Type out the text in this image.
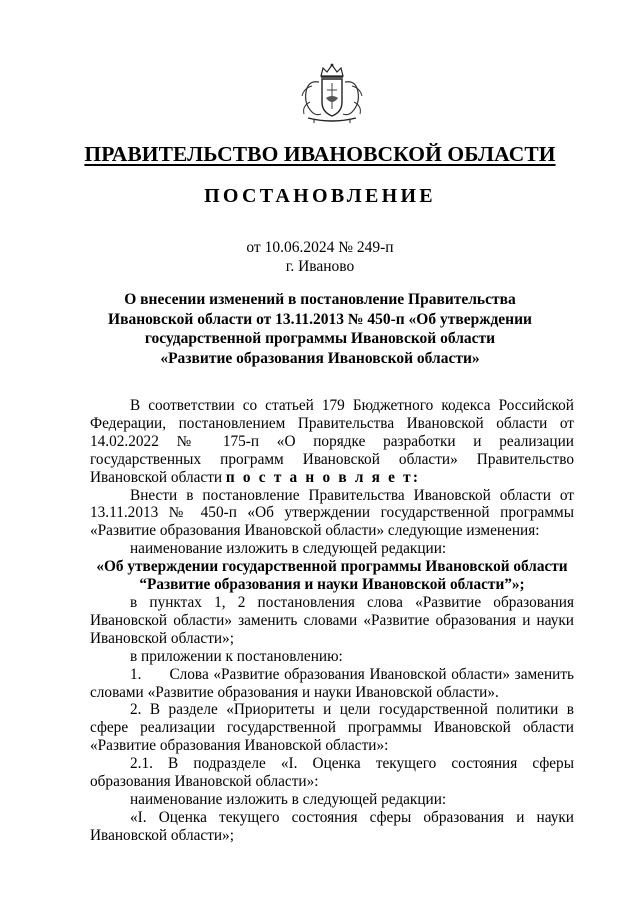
ПРАВИТЕЛЬСТВО ИВАНОВСКОЙ ОБЛАСТИ
ПОСТАНОВЛЕНИЕ
от 10.06.2024 № 249-п
г. Иваново
О внесении изменений в постановление Правительства
Ивановской области от 13.11.2013 № 450-п «Об утверждении
государственной программы Ивановской области
«Развитие образования Ивановской области»

В соответствии со статьей 179 Бюджетного кодекса Российской Федерации, постановлением Правительства Ивановской области от 14.02.2022 № 175-п «О порядке разработки и реализации государственных программ Ивановской области» Правительство Ивановской области п о с т а н о в л я е т:

Внести в постановление Правительства Ивановской области от 13.11.2013 № 450-п «Об утверждении государственной программы «Развитие образования Ивановской области» следующие изменения:

наименование изложить в следующей редакции:

«Об утверждении государственной программы Ивановской области

“Развитие образования и науки Ивановской области”»;

в пунктах 1, 2 постановления слова «Развитие образования Ивановской области» заменить словами «Развитие образования и науки Ивановской области»;

в приложении к постановлению:

1. Слова «Развитие образования Ивановской области» заменить словами «Развитие образования и науки Ивановской области».

2. В разделе «Приоритеты и цели государственной политики в сфере реализации государственной программы Ивановской области «Развитие образования Ивановской области»:

2.1. В подразделе «I. Оценка текущего состояния сферы образования Ивановской области»:

наименование изложить в следующей редакции:

«I. Оценка текущего состояния сферы образования и науки Ивановской области»;
